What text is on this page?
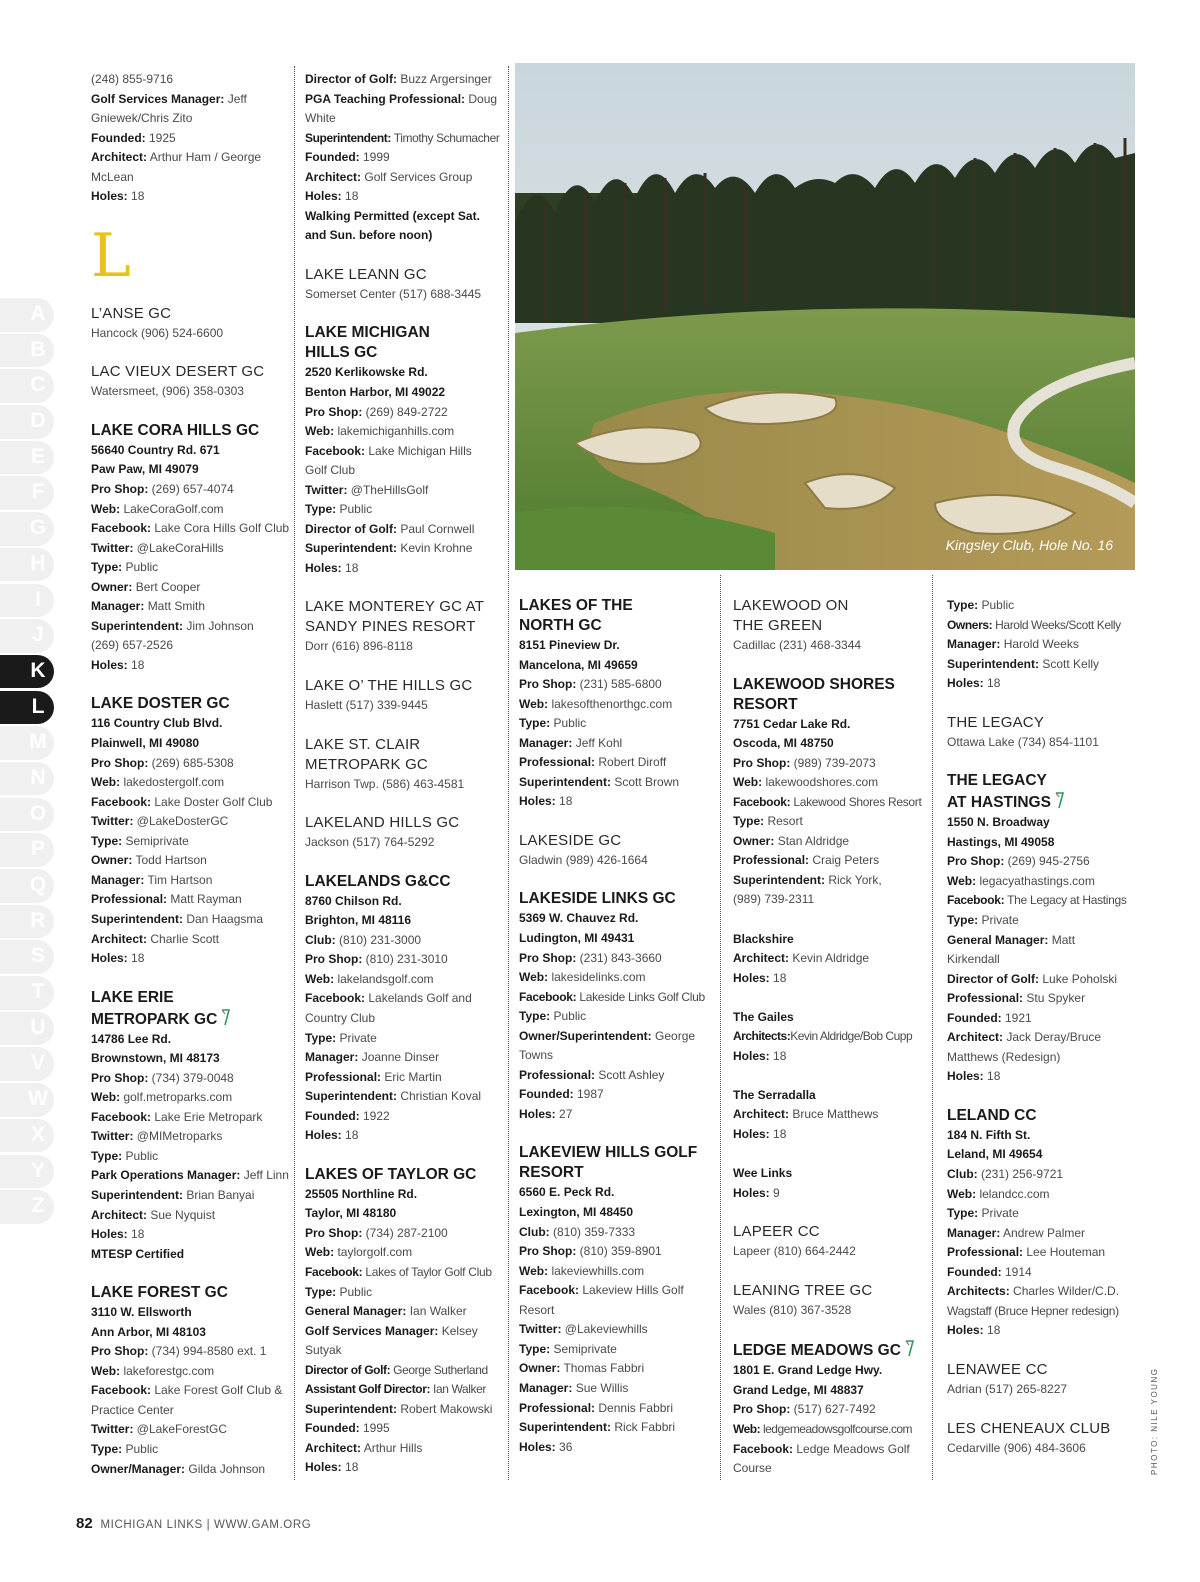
A
B
C
D
E
F
G
H
I
J
K
L
M
N
O
P
Q
R
S
T
U
V
W
X
Y
Z
(248) 855-9716
Golf Services Manager: Jeff
Gniewek/Chris Zito
Founded: 1925
Architect: Arthur Ham / George
McLean
Holes: 18
L
L’ANSE GC
Hancock (906) 524-6600
LAC VIEUX DESERT GC
Watersmeet, (906) 358-0303
LAKE CORA HILLS GC
56640 Country Rd. 671
Paw Paw, MI 49079
Pro Shop: (269) 657-4074
Web: LakeCoraGolf.com
Facebook: Lake Cora Hills Golf Club
Twitter: @LakeCoraHills
Type: Public
Owner: Bert Cooper
Manager: Matt Smith
Superintendent: Jim Johnson
(269) 657-2526
Holes: 18
LAKE DOSTER GC
116 Country Club Blvd.
Plainwell, MI 49080
Pro Shop: (269) 685-5308
Web: lakedostergolf.com
Facebook: Lake Doster Golf Club
Twitter: @LakeDosterGC
Type: Semiprivate
Owner: Todd Hartson
Manager: Tim Hartson
Professional: Matt Rayman
Superintendent: Dan Haagsma
Architect: Charlie Scott
Holes: 18
LAKE ERIE
METROPARK GC
14786 Lee Rd.
Brownstown, MI 48173
Pro Shop: (734) 379-0048
Web: golf.metroparks.com
Facebook: Lake Erie Metropark
Twitter: @MIMetroparks
Type: Public
Park Operations Manager: Jeff Linn
Superintendent: Brian Banyai
Architect: Sue Nyquist
Holes: 18
MTESP Certified
LAKE FOREST GC
3110 W. Ellsworth
Ann Arbor, MI 48103
Pro Shop: (734) 994-8580 ext. 1
Web: lakeforestgc.com
Facebook: Lake Forest Golf Club &
Practice Center
Twitter: @LakeForestGC
Type: Public
Owner/Manager: Gilda Johnson
Director of Golf: Buzz Argersinger
PGA Teaching Professional: Doug
White
Superintendent: Timothy Schumacher
Founded: 1999
Architect: Golf Services Group
Holes: 18
Walking Permitted (except Sat.
and Sun. before noon)
LAKE LEANN GC
Somerset Center (517) 688-3445
LAKE MICHIGAN
HILLS GC
2520 Kerlikowske Rd.
Benton Harbor, MI 49022
Pro Shop: (269) 849-2722
Web: lakemichiganhills.com
Facebook: Lake Michigan Hills
Golf Club
Twitter: @TheHillsGolf
Type: Public
Director of Golf: Paul Cornwell
Superintendent: Kevin Krohne
Holes: 18
LAKE MONTEREY GC AT
SANDY PINES RESORT
Dorr (616) 896-8118
LAKE O’ THE HILLS GC
Haslett (517) 339-9445
LAKE ST. CLAIR
METROPARK GC
Harrison Twp. (586) 463-4581
LAKELAND HILLS GC
Jackson (517) 764-5292
LAKELANDS G&CC
8760 Chilson Rd.
Brighton, MI 48116
Club: (810) 231-3000
Pro Shop: (810) 231-3010
Web: lakelandsgolf.com
Facebook: Lakelands Golf and
Country Club
Type: Private
Manager: Joanne Dinser
Professional: Eric Martin
Superintendent: Christian Koval
Founded: 1922
Holes: 18
LAKES OF TAYLOR GC
25505 Northline Rd.
Taylor, MI 48180
Pro Shop: (734) 287-2100
Web: taylorgolf.com
Facebook: Lakes of Taylor Golf Club
Type: Public
General Manager: Ian Walker
Golf Services Manager: Kelsey
Sutyak
Director of Golf: George Sutherland
Assistant Golf Director: Ian Walker
Superintendent: Robert Makowski
Founded: 1995
Architect: Arthur Hills
Holes: 18
Kingsley Club, Hole No. 16
PHOTO: NILE YOUNG
LAKES OF THE
NORTH GC
8151 Pineview Dr.
Mancelona, MI 49659
Pro Shop: (231) 585-6800
Web: lakesofthenorthgc.com
Type: Public
Manager: Jeff Kohl
Professional: Robert Diroff
Superintendent: Scott Brown
Holes: 18
LAKESIDE GC
Gladwin (989) 426-1664
LAKESIDE LINKS GC
5369 W. Chauvez Rd.
Ludington, MI 49431
Pro Shop: (231) 843-3660
Web: lakesidelinks.com
Facebook: Lakeside Links Golf Club
Type: Public
Owner/Superintendent: George
Towns
Professional: Scott Ashley
Founded: 1987
Holes: 27
LAKEVIEW HILLS GOLF
RESORT
6560 E. Peck Rd.
Lexington, MI 48450
Club: (810) 359-7333
Pro Shop: (810) 359-8901
Web: lakeviewhills.com
Facebook: Lakeview Hills Golf
Resort
Twitter: @Lakeviewhills
Type: Semiprivate
Owner: Thomas Fabbri
Manager: Sue Willis
Professional: Dennis Fabbri
Superintendent: Rick Fabbri
Holes: 36
LAKEWOOD ON
THE GREEN
Cadillac (231) 468-3344
LAKEWOOD SHORES
RESORT
7751 Cedar Lake Rd.
Oscoda, MI 48750
Pro Shop: (989) 739-2073
Web: lakewoodshores.com
Facebook: Lakewood Shores Resort
Type: Resort
Owner: Stan Aldridge
Professional: Craig Peters
Superintendent: Rick York,
(989) 739-2311
Blackshire
Architect: Kevin Aldridge
Holes: 18
The Gailes
Architects:Kevin Aldridge/Bob Cupp
Holes: 18
The Serradalla
Architect: Bruce Matthews
Holes: 18
Wee Links
Holes: 9
LAPEER CC
Lapeer (810) 664-2442
LEANING TREE GC
Wales (810) 367-3528
LEDGE MEADOWS GC
1801 E. Grand Ledge Hwy.
Grand Ledge, MI 48837
Pro Shop: (517) 627-7492
Web: ledgemeadowsgolfcourse.com
Facebook: Ledge Meadows Golf
Course
Type: Public
Owners: Harold Weeks/Scott Kelly
Manager: Harold Weeks
Superintendent: Scott Kelly
Holes: 18
THE LEGACY
Ottawa Lake (734) 854-1101
THE LEGACY
AT HASTINGS
1550 N. Broadway
Hastings, MI 49058
Pro Shop: (269) 945-2756
Web: legacyathastings.com
Facebook: The Legacy at Hastings
Type: Private
General Manager: Matt
Kirkendall
Director of Golf: Luke Poholski
Professional: Stu Spyker
Founded: 1921
Architect: Jack Deray/Bruce
Matthews (Redesign)
Holes: 18
LELAND CC
184 N. Fifth St.
Leland, MI 49654
Club: (231) 256-9721
Web: lelandcc.com
Type: Private
Manager: Andrew Palmer
Professional: Lee Houteman
Founded: 1914
Architects: Charles Wilder/C.D.
Wagstaff (Bruce Hepner redesign)
Holes: 18
LENAWEE CC
Adrian (517) 265-8227
LES CHENEAUX CLUB
Cedarville (906) 484-3606
82 MICHIGAN LINKS | WWW.GAM.ORG
